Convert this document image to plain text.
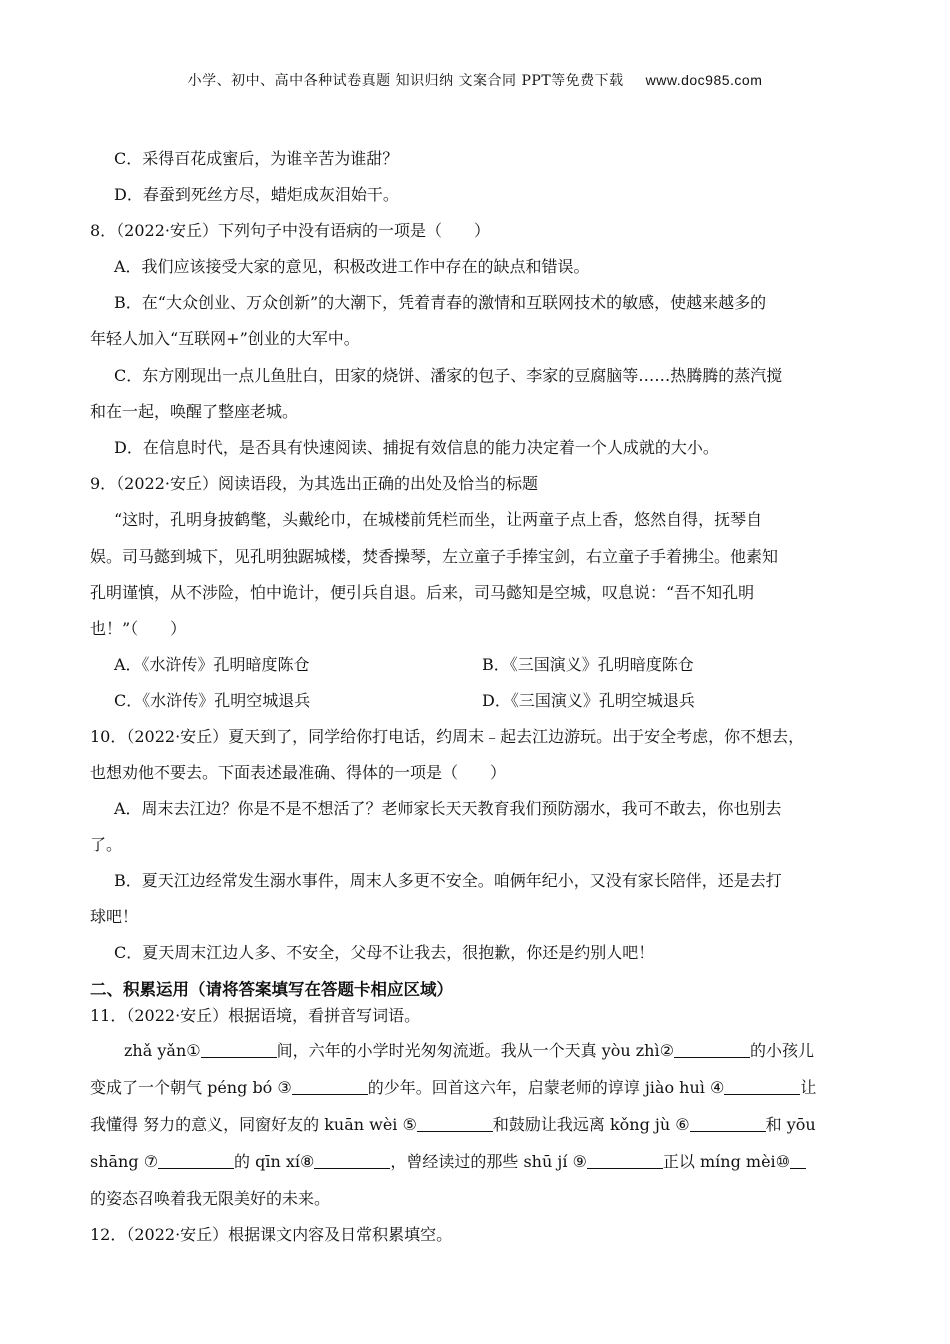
小学、初中、高中各种试卷真题 知识归纳 文案合同 PPT等免费下载 www.doc985.com
C．采得百花成蜜后，为谁辛苦为谁甜？
D．春蚕到死丝方尽，蜡炬成灰泪始干。
8．（2022·安丘）下列句子中没有语病的一项是（　　）
A．我们应该接受大家的意见，积极改进工作中存在的缺点和错误。
B．在“大众创业、万众创新”的大潮下，凭着青春的激情和互联网技术的敏感，使越来越多的
年轻人加入“互联网+”创业的大军中。
C．东方刚现出一点儿鱼肚白，田家的烧饼、潘家的包子、李家的豆腐脑等……热腾腾的蒸汽搅
和在一起，唤醒了整座老城。
D．在信息时代，是否具有快速阅读、捕捉有效信息的能力决定着一个人成就的大小。
9．（2022·安丘）阅读语段，为其选出正确的出处及恰当的标题
“这时，孔明身披鹤氅，头戴纶巾，在城楼前凭栏而坐，让两童子点上香，悠然自得，抚琴自
娱。司马懿到城下，见孔明独踞城楼，焚香操琴，左立童子手捧宝剑，右立童子手着拂尘。他素知
孔明谨慎，从不涉险，怕中诡计，便引兵自退。后来，司马懿知是空城，叹息说：“吾不知孔明
也！”（　　）
A．《水浒传》孔明暗度陈仓	B．《三国演义》孔明暗度陈仓
C．《水浒传》孔明空城退兵	D．《三国演义》孔明空城退兵
10．（2022·安丘）夏天到了，同学给你打电话，约周末﹣起去江边游玩。出于安全考虑，你不想去，
也想劝他不要去。下面表述最准确、得体的一项是（　　）
A．周末去江边？你是不是不想活了？老师家长天天教育我们预防溺水，我可不敢去，你也别去
了。
B．夏天江边经常发生溺水事件，周末人多更不安全。咱俩年纪小，又没有家长陪伴，还是去打
球吧！
C．夏天周末江边人多、不安全，父母不让我去，很抱歉，你还是约别人吧！
二、积累运用（请将答案填写在答题卡相应区域）
11．（2022·安丘）根据语境，看拼音写词语。
zhǎ yǎn①	间，六年的小学时光匆匆流逝。我从一个天真 yòu zhì②	的小孩儿
变成了一个朝气 péng bó ③	的少年。回首这六年，启蒙老师的谆谆 jiào huì ④	让
我懂得 努力的意义，同窗好友的 kuān wèi ⑤	和鼓励让我远离 kǒng jù ⑥	和 yōu
shāng ⑦	的 qīn xí⑧	，曾经读过的那些 shū jí ⑨	正以 míng mèi⑩
的姿态召唤着我无限美好的未来。
12．（2022·安丘）根据课文内容及日常积累填空。
